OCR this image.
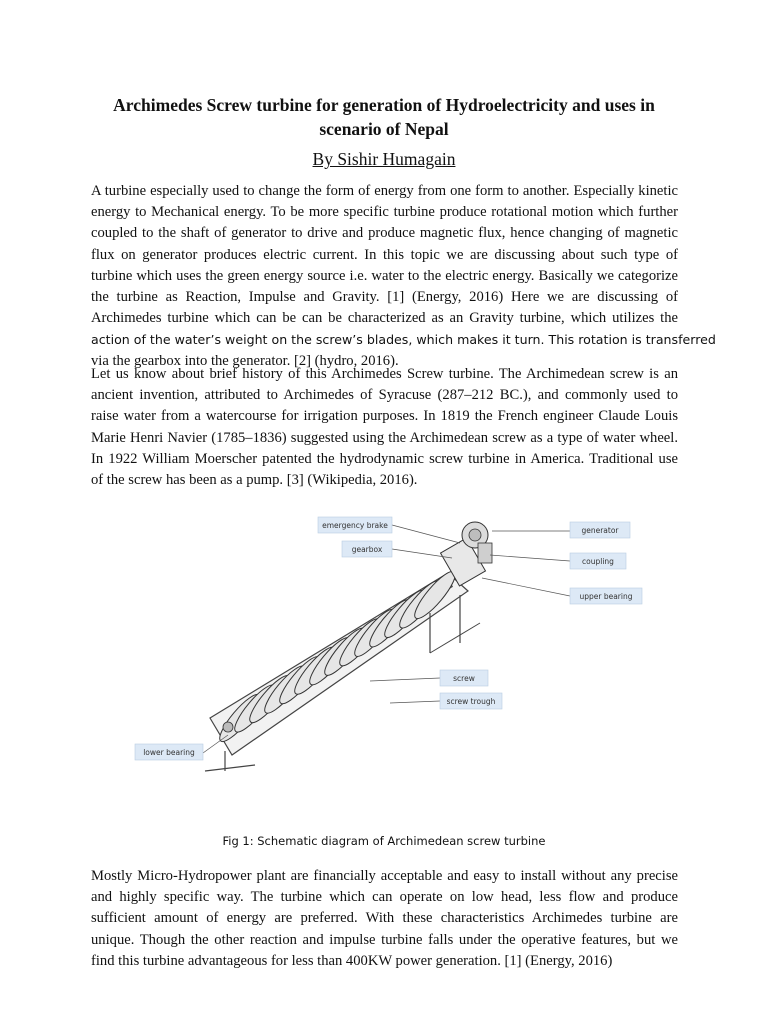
Archimedes Screw turbine for generation of Hydroelectricity and uses in
scenario of Nepal

By Sishir Humagain

A turbine especially used to change the form of energy from one form to another. Especially kinetic
energy to Mechanical energy. To be more specific turbine produce rotational motion which further
coupled to the shaft of generator to drive and produce magnetic flux, hence changing of magnetic
flux on generator produces electric current. In this topic we are discussing about such type of
turbine which uses the green energy source i.e. water to the electric energy. Basically we categorize
the turbine as Reaction, Impulse and Gravity. [1] (Energy, 2016) Here we are discussing of
Archimedes turbine which can be can be characterized as an Gravity turbine, which utilizes the
action of the water’s weight on the screw’s blades, which makes it turn. This rotation is transferred
via the gearbox into the generator. [2] (hydro, 2016).

Let us know about brief history of this Archimedes Screw turbine. The Archimedean screw is an
ancient invention, attributed to Archimedes of Syracuse (287–212 BC.), and commonly used to
raise water from a watercourse for irrigation purposes. In 1819 the French engineer Claude Louis
Marie Henri Navier (1785–1836) suggested using the Archimedean screw as a type of water wheel.
In 1922 William Moerscher patented the hydrodynamic screw turbine in America. Traditional use
of the screw has been as a pump. [3] (Wikipedia, 2016).

emergency brake
gearbox
generator
coupling
upper bearing
screw
screw trough
lower bearing

Fig 1: Schematic diagram of Archimedean screw turbine

Mostly Micro-Hydropower plant are financially acceptable and easy to install without any precise
and highly specific way. The turbine which can operate on low head, less flow and produce
sufficient amount of energy are preferred. With these characteristics Archimedes turbine are
unique. Though the other reaction and impulse turbine falls under the operative features, but we
find this turbine advantageous for less than 400KW power generation. [1] (Energy, 2016)
